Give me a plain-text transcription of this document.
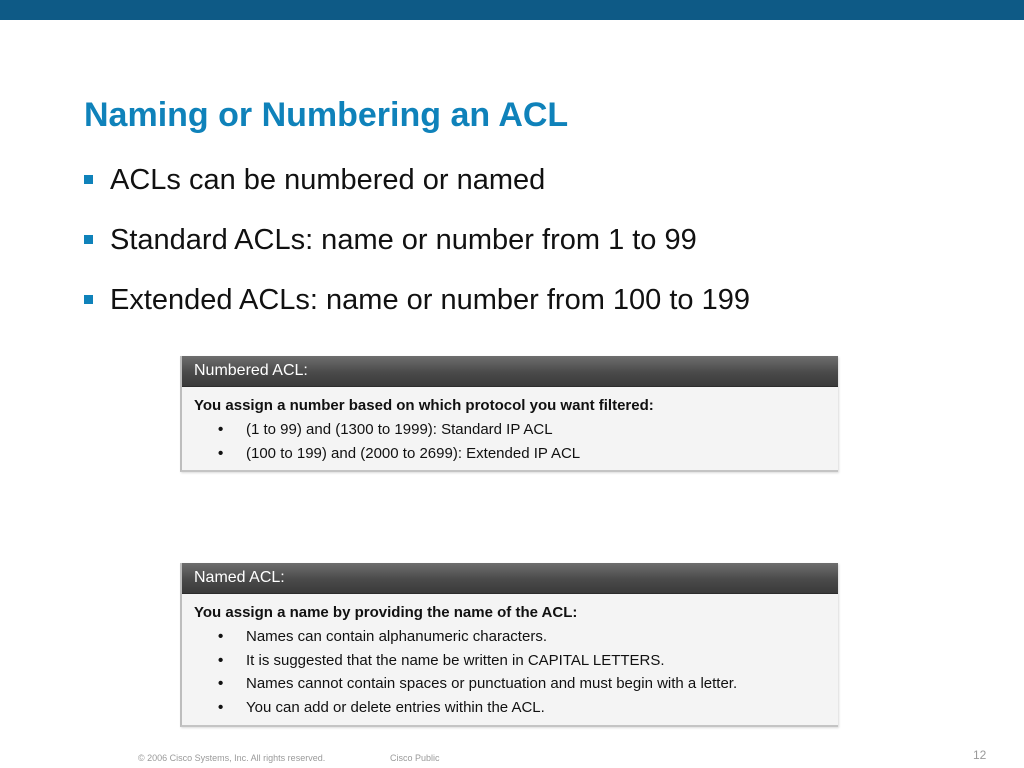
Naming or Numbering an ACL
ACLs can be numbered or named
Standard ACLs: name or number from 1 to 99
Extended ACLs: name or number from 100 to 199
Numbered ACL:
You assign a number based on which protocol you want filtered:
•	(1 to 99) and (1300 to 1999): Standard IP ACL
•	(100 to 199) and (2000 to 2699): Extended IP ACL
Named ACL:
You assign a name by providing the name of the ACL:
•	Names can contain alphanumeric characters.
•	It is suggested that the name be written in CAPITAL LETTERS.
•	Names cannot contain spaces or punctuation and must begin with a letter.
•	You can add or delete entries within the ACL.
© 2006 Cisco Systems, Inc. All rights reserved.	Cisco Public	12
